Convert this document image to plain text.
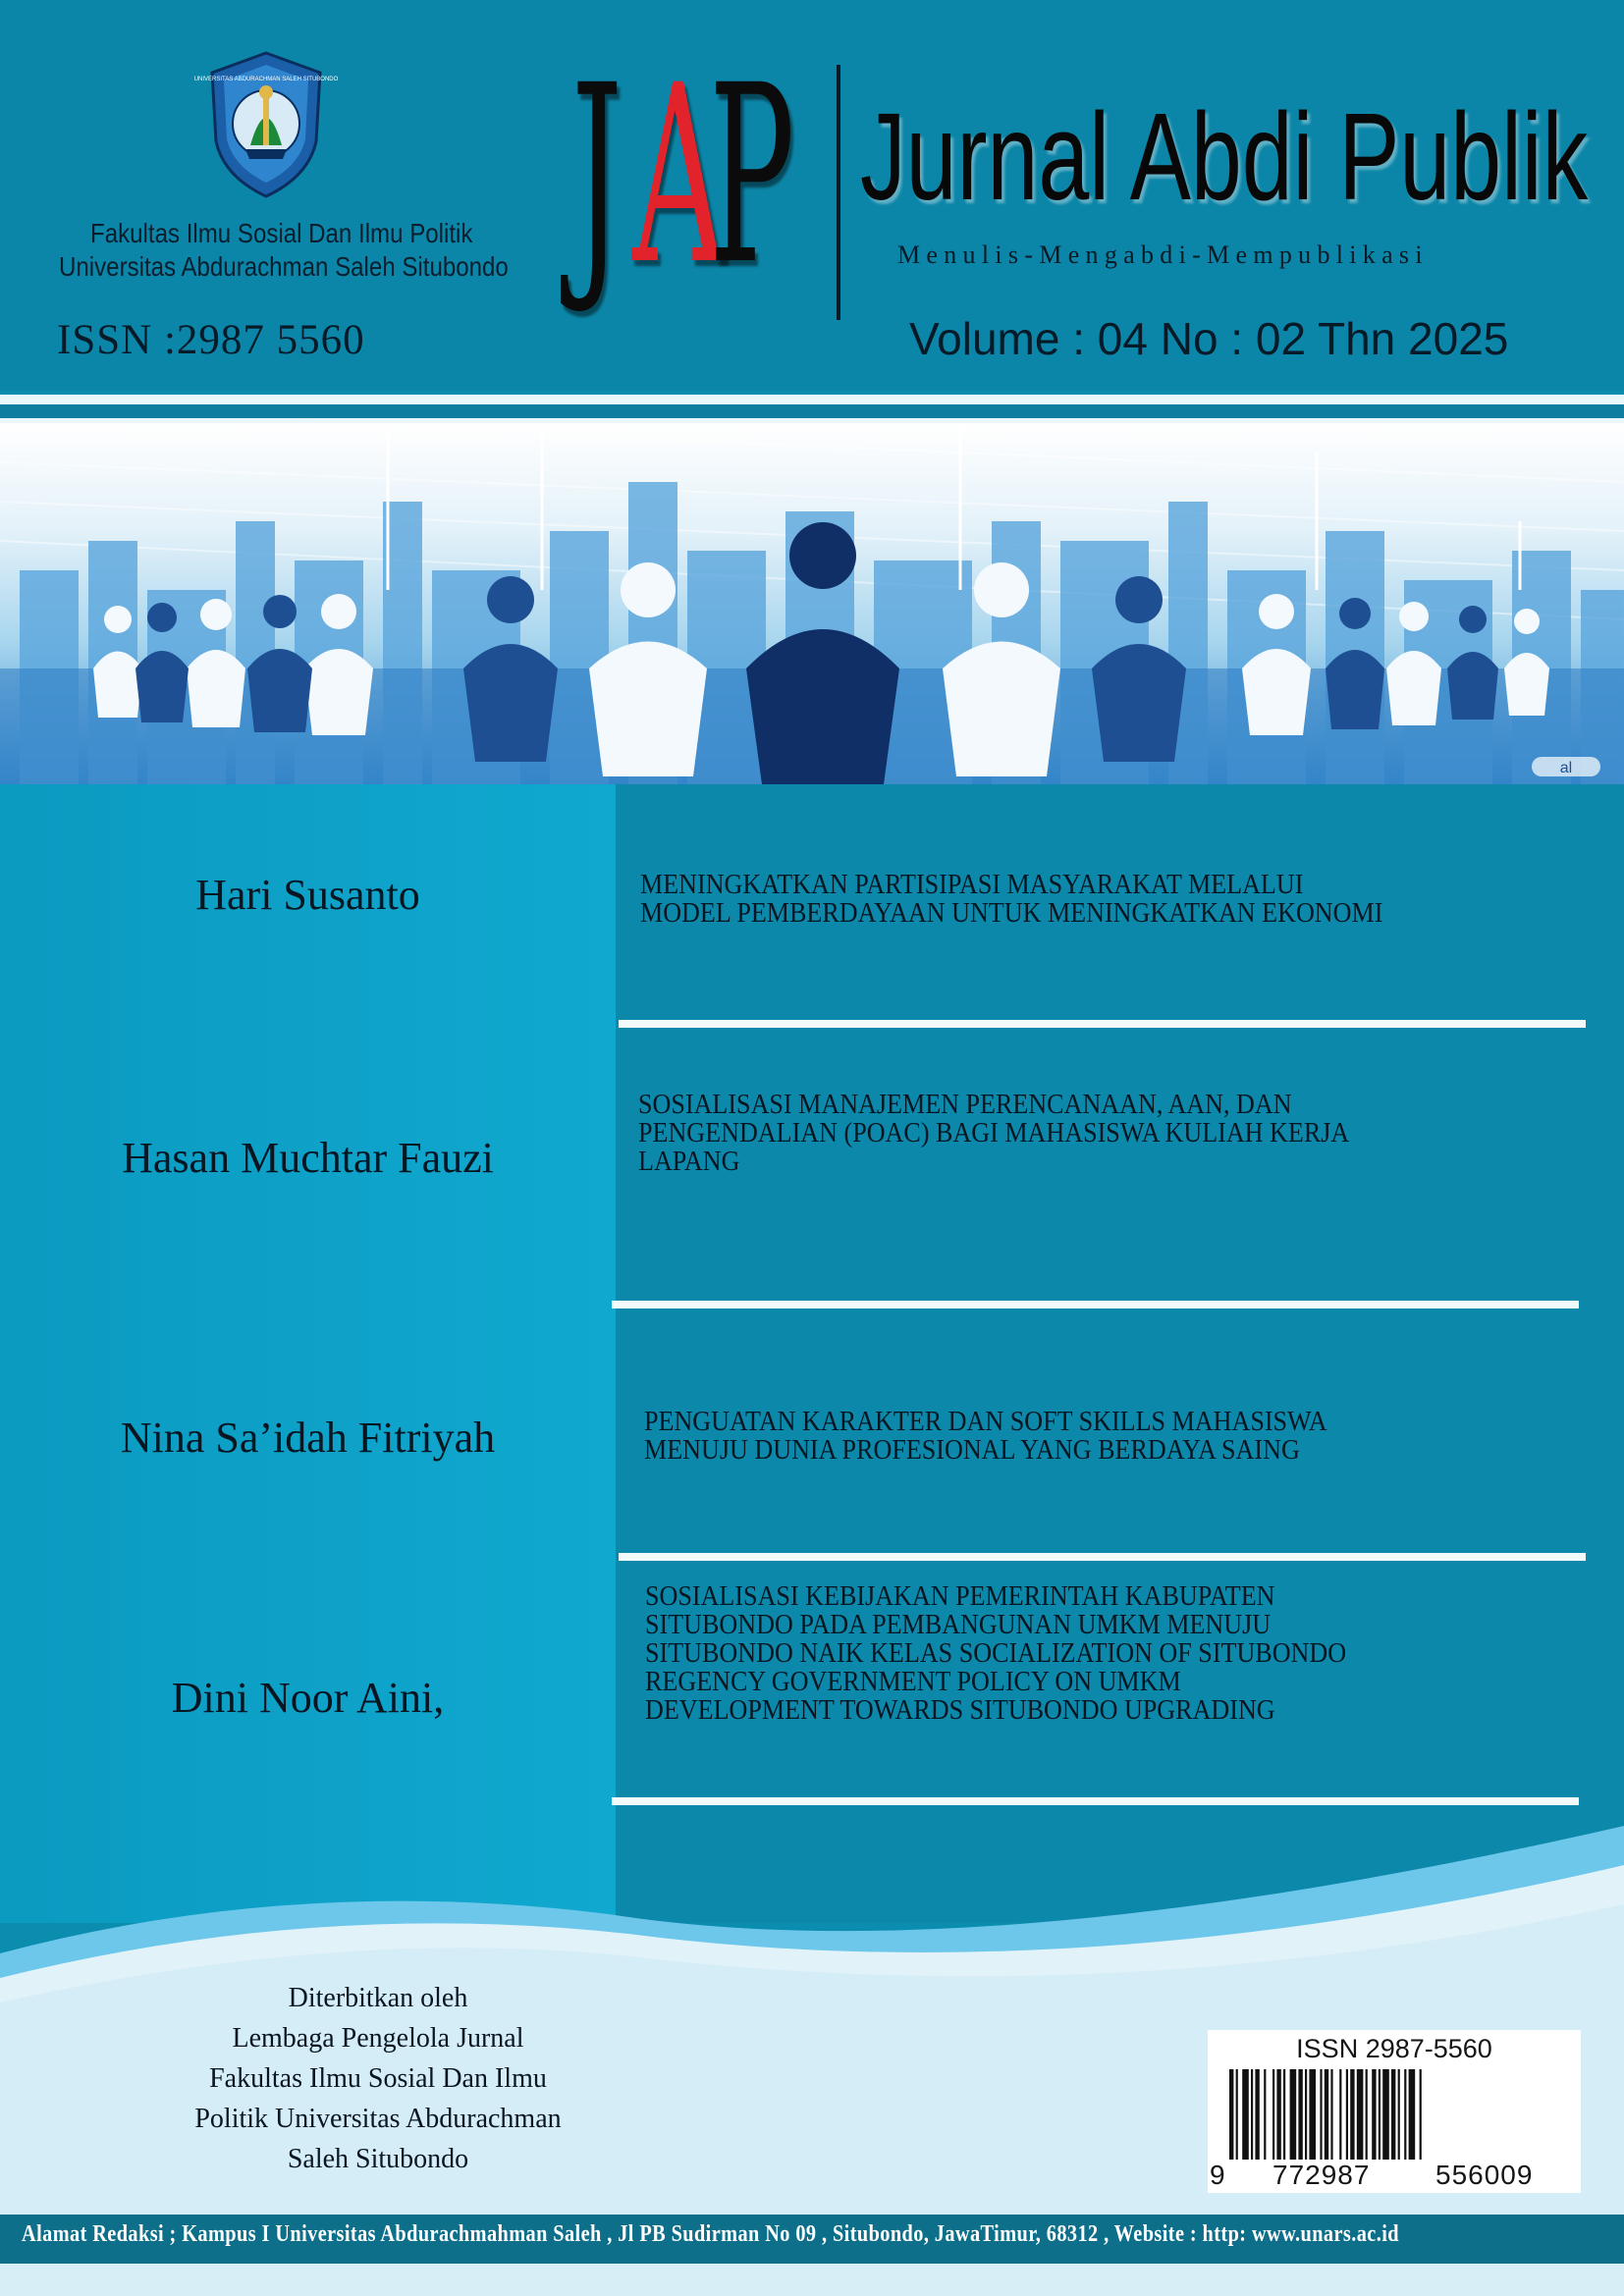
UNIVERSITAS ABDURACHMAN SALEH SITUBONDO
Fakultas Ilmu Sosial Dan Ilmu Politik
Universitas Abdurachman Saleh Situbondo
ISSN :2987 5560
J A
P Jurnal Abdi Publik
Menulis-Mengabdi-Mempublikasi
Volume : 04 No : 02 Thn 2025
al
Hari Susanto	MENINGKATKAN PARTISIPASI MASYARAKAT MELALUI
MODEL PEMBERDAYAAN UNTUK MENINGKATKAN EKONOMI
Hasan Muchtar Fauzi
SOSIALISASI MANAJEMEN PERENCANAAN, AAN, DAN
PENGENDALIAN (POAC) BAGI MAHASISWA KULIAH KERJA
LAPANG
Nina Sa’idah Fitriyah	PENGUATAN KARAKTER DAN SOFT SKILLS MAHASISWA
MENUJU DUNIA PROFESIONAL YANG BERDAYA SAING
Dini Noor Aini,
SOSIALISASI KEBIJAKAN PEMERINTAH KABUPATEN
SITUBONDO PADA PEMBANGUNAN UMKM MENUJU
SITUBONDO NAIK KELAS SOCIALIZATION OF SITUBONDO
REGENCY GOVERNMENT POLICY ON UMKM
DEVELOPMENT TOWARDS SITUBONDO UPGRADING
Diterbitkan oleh
Lembaga Pengelola Jurnal
Fakultas Ilmu Sosial Dan Ilmu
Politik Universitas Abdurachman
Saleh Situbondo
ISSN 2987-5560
9 772987 556009
Alamat Redaksi ; Kampus I Universitas Abdurachmahman Saleh , Jl PB Sudirman No 09 , Situbondo, JawaTimur, 68312 , Website : http: www.unars.ac.id
